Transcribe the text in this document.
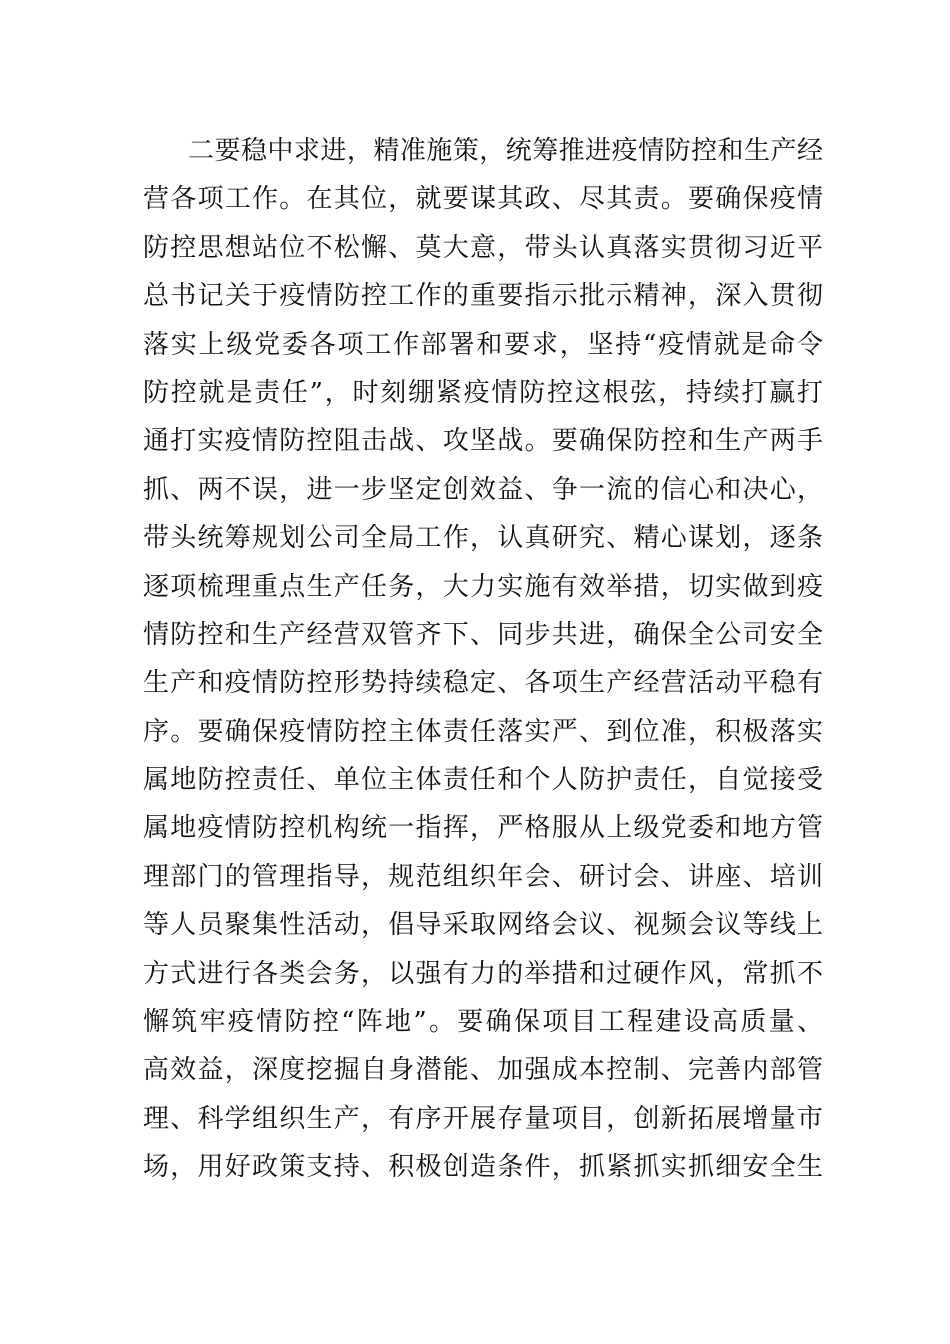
二要稳中求进，精准施策，统筹推进疫情防控和生产经
营各项工作。在其位，就要谋其政、尽其责。要确保疫情
防控思想站位不松懈、莫大意，带头认真落实贯彻习近平
总书记关于疫情防控工作的重要指示批示精神，深入贯彻
落实上级党委各项工作部署和要求，坚持“疫情就是命令
防控就是责任”，时刻绷紧疫情防控这根弦，持续打赢打
通打实疫情防控阻击战、攻坚战。要确保防控和生产两手
抓、两不误，进一步坚定创效益、争一流的信心和决心，
带头统筹规划公司全局工作，认真研究、精心谋划，逐条
逐项梳理重点生产任务，大力实施有效举措，切实做到疫
情防控和生产经营双管齐下、同步共进，确保全公司安全
生产和疫情防控形势持续稳定、各项生产经营活动平稳有
序。要确保疫情防控主体责任落实严、到位准，积极落实
属地防控责任、单位主体责任和个人防护责任，自觉接受
属地疫情防控机构统一指挥，严格服从上级党委和地方管
理部门的管理指导，规范组织年会、研讨会、讲座、培训
等人员聚集性活动，倡导采取网络会议、视频会议等线上
方式进行各类会务，以强有力的举措和过硬作风，常抓不
懈筑牢疫情防控“阵地”。要确保项目工程建设高质量、
高效益，深度挖掘自身潜能、加强成本控制、完善内部管
理、科学组织生产，有序开展存量项目，创新拓展增量市
场，用好政策支持、积极创造条件，抓紧抓实抓细安全生
